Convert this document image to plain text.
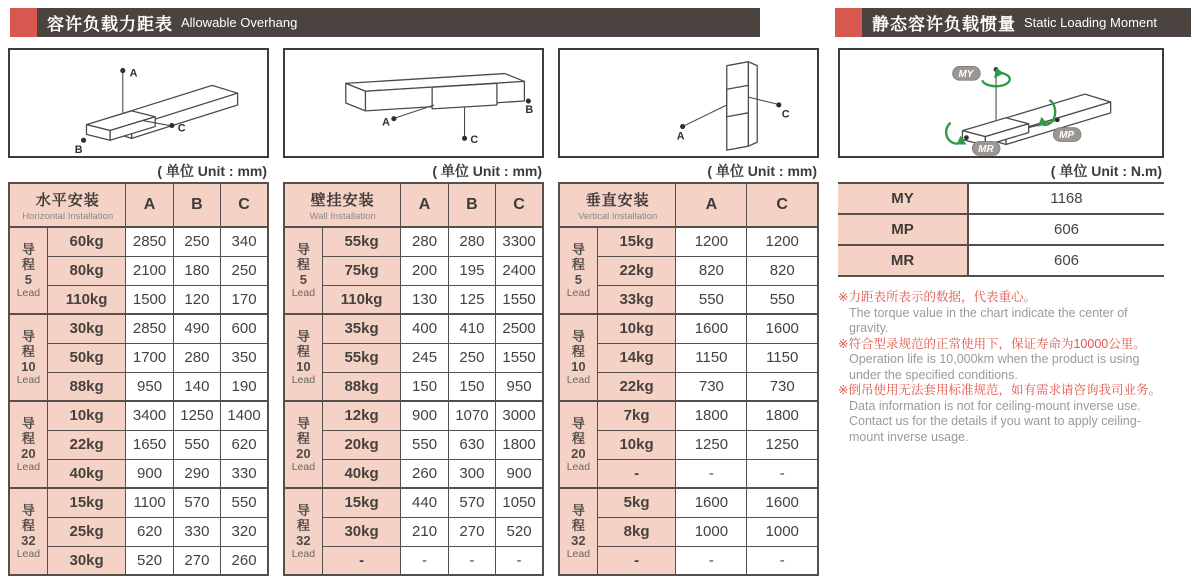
容许负载力距表 Allowable Overhang	静态容许负载惯量 Static Loading Moment
A
B
C
( 单位 Unit : mm)
水平安装
Horizontal Installation		A	B	C

导
程
5
Lead	60kg	2850	250	340
	80kg	2100	180	250
	110kg	1500	120	170

导
程
10
Lead	30kg	2850	490	600
	50kg	1700	280	350
	88kg	950	140	190

导
程
20
Lead	10kg	3400	1250	1400
	22kg	1650	550	620
	40kg	900	290	330

导
程
32
Lead	15kg	1100	570	550
	25kg	620	330	320
	30kg	520	270	260
A
B
C
( 单位 Unit : mm)
壁挂安装
Wall Installation		A	B	C

导
程
5
Lead	55kg	280	280	3300
	75kg	200	195	2400
	110kg	130	125	1550

导
程
10
Lead	35kg	400	410	2500
	55kg	245	250	1550
	88kg	150	150	950

导
程
20
Lead	12kg	900	1070	3000
	20kg	550	630	1800
	40kg	260	300	900

导
程
32
Lead	15kg	440	570	1050
	30kg	210	270	520
	-	-	-	-
A
C
( 单位 Unit : mm)
垂直安装
Vertical Installation		A	C

导
程
5
Lead	15kg	1200	1200
	22kg	820	820
	33kg	550	550

导
程
10
Lead	10kg	1600	1600
	14kg	1150	1150
	22kg	730	730

导
程
20
Lead	7kg	1800	1800
	10kg	1250	1250
	-	-	-

导
程
32
Lead	5kg	1600	1600
	8kg	1000	1000
	-	-	-
MY
MP
MR
( 单位 Unit : N.m)
MY	1168
MP	606
MR	606
※力距表所表示的数据，代表重心。
The torque value in the chart indicate the center of gravity.
※符合型录规范的正常使用下，保证寿命为10000公里。
Operation life is 10,000km when the product is using under the specified conditions.
※倒吊使用无法套用标准规范，如有需求请咨询我司业务。
Data information is not for ceiling-mount inverse use. Contact us for the details if you want to apply ceiling-mount inverse usage.
